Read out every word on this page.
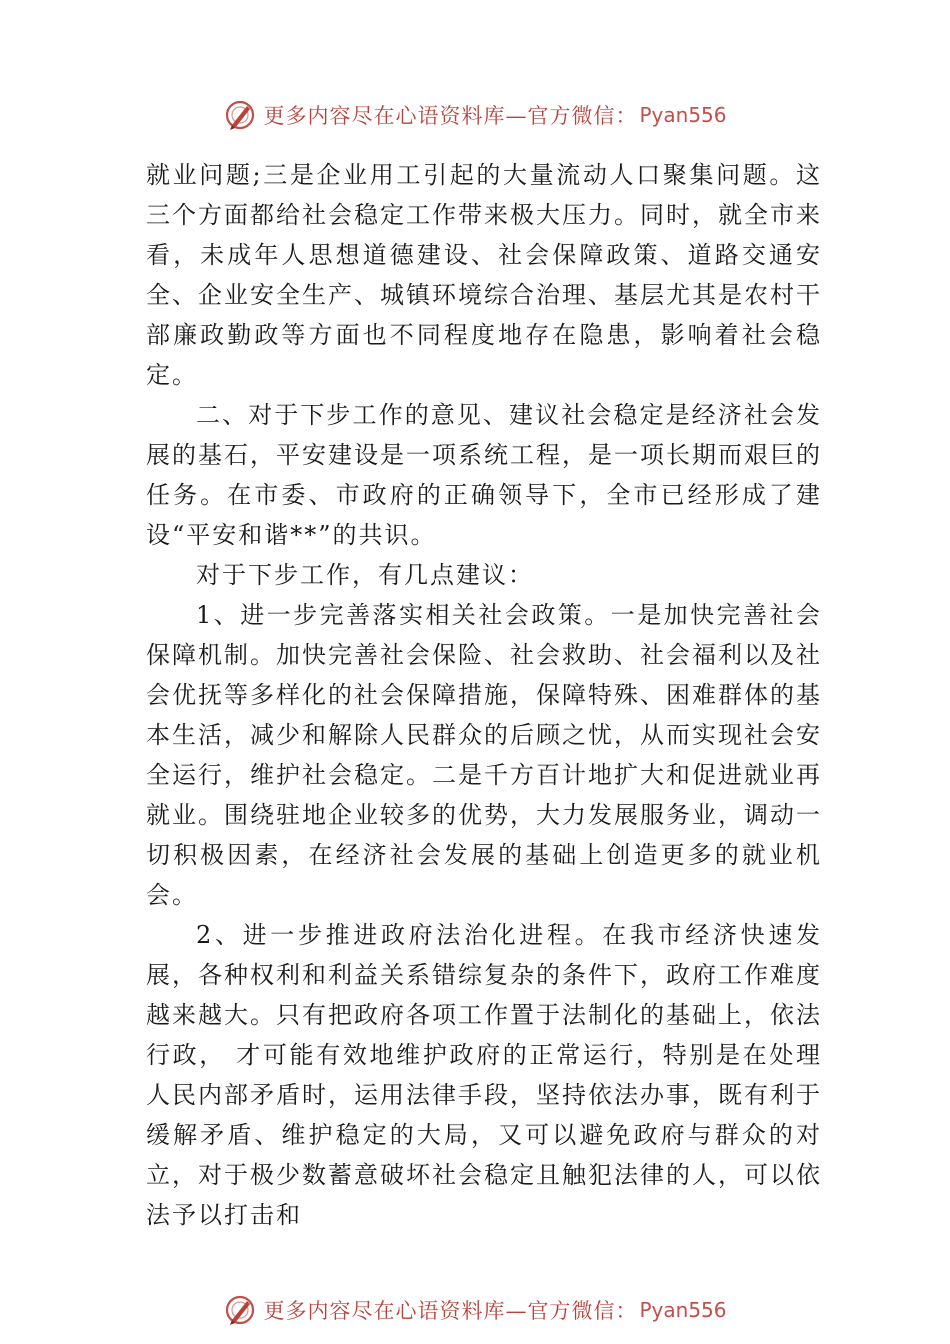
更多内容尽在心语资料库—官方微信： Pyan556

就业问题;三是企业用工引起的大量流动人口聚集问题。这三个方面都给社会稳定工作带来极大压力。同时，就全市来看，未成年人思想道德建设、社会保障政策、道路交通安全、企业安全生产、城镇环境综合治理、基层尤其是农村干部廉政勤政等方面也不同程度地存在隐患，影响着社会稳定。

二、对于下步工作的意见、建议社会稳定是经济社会发展的基石，平安建设是一项系统工程，是一项长期而艰巨的任务。在市委、市政府的正确领导下，全市已经形成了建设“平安和谐**”的共识。

对于下步工作，有几点建议：

1、进一步完善落实相关社会政策。一是加快完善社会保障机制。加快完善社会保险、社会救助、社会福利以及社会优抚等多样化的社会保障措施，保障特殊、困难群体的基本生活，减少和解除人民群众的后顾之忧，从而实现社会安全运行，维护社会稳定。二是千方百计地扩大和促进就业再就业。围绕驻地企业较多的优势，大力发展服务业，调动一切积极因素，在经济社会发展的基础上创造更多的就业机会。

2、进一步推进政府法治化进程。在我市经济快速发展，各种权利和利益关系错综复杂的条件下，政府工作难度越来越大。只有把政府各项工作置于法制化的基础上，依法行政， 才可能有效地维护政府的正常运行，特别是在处理人民内部矛盾时，运用法律手段，坚持依法办事，既有利于缓解矛盾、维护稳定的大局，又可以避免政府与群众的对立，对于极少数蓄意破坏社会稳定且触犯法律的人，可以依法予以打击和

更多内容尽在心语资料库—官方微信： Pyan556
